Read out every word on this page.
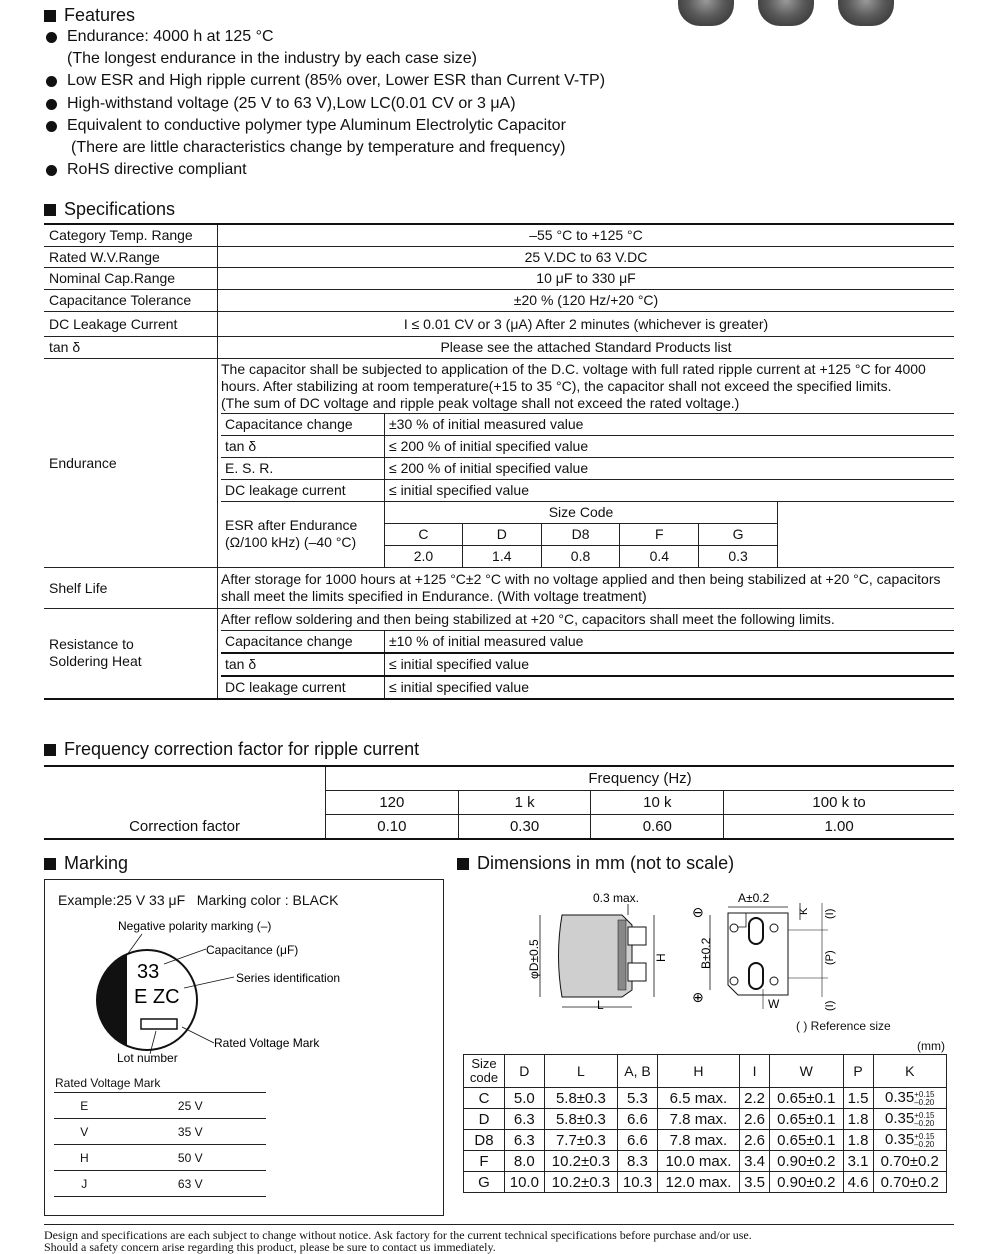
Features
Endurance: 4000 h at 125 °C
(The longest endurance in the industry by each case size)
Low ESR and High ripple current (85% over, Lower ESR than Current V-TP)
High-withstand voltage (25 V to 63 V),Low LC(0.01 CV or 3 μA)
Equivalent to conductive polymer type Aluminum Electrolytic Capacitor
(There are little characteristics change by temperature and frequency)
RoHS directive compliant
Specifications
Category Temp. Range	–55 °C to +125 °C
Rated W.V.Range	25 V.DC to 63 V.DC
Nominal Cap.Range	10 μF to 330 μF
Capacitance Tolerance	±20 % (120 Hz/+20 °C)
DC Leakage Current	I ≤ 0.01 CV or 3 (μA) After 2 minutes (whichever is greater)
tan δ	Please see the attached Standard Products list
Endurance	
The capacitor shall be subjected to application of the D.C. voltage with full rated ripple current at +125 °C for 4000 hours. After stabilizing at room temperature(+15 to 35 °C), the capacitor shall not exceed the specified limits.
(The sum of DC voltage and ripple peak voltage shall not exceed the rated voltage.)
Capacitance change	±30 % of initial measured value
tan δ	≤ 200 % of initial specified value
E. S. R.	≤ 200 % of initial specified value
DC leakage current	≤ initial specified value

ESR after Endurance
(Ω/100 kHz) (–40 °C)

Size Code
C	D	D8	F	G
2.0	1.4	0.8	0.4	0.3

Shelf Life	After storage for 1000 hours at +125 °C±2 °C with no voltage applied and then being stabilized at +20 °C, capacitors shall meet the limits specified in Endurance. (With voltage treatment)

Resistance to
Soldering Heat

After reflow soldering and then being stabilized at +20 °C, capacitors shall meet the following limits.
Capacitance change	±10 % of initial measured value
tan δ	≤ initial specified value
DC leakage current	≤ initial specified value
Frequency correction factor for ripple current
	Frequency (Hz)			
	120	1 k	10 k	100 k to
Correction factor	0.10	0.30	0.60	1.00
Marking
Example:25 V 33 μF   Marking color : BLACK
33
E ZC
Negative polarity marking (–)
Capacitance (μF)
Series identification
Rated Voltage Mark
Lot number
Rated Voltage Mark
E	25 V
V	35 V
H	50 V
J	63 V
Dimensions in mm (not to scale)
0.3 max.
φD±0.5	H
L
A±0.2
⊖
⊕
B±0.2
K (I)
(P)
(I)
W
( ) Reference size
(mm)
Size code	D	L	A, B	H	I	W	P	K
C	5.0	5.8±0.3	5.3	6.5 max.	2.2	0.65±0.1	1.5	0.35+0.15
–0.20
D	6.3	5.8±0.3	6.6	7.8 max.	2.6	0.65±0.1	1.8	0.35+0.15
–0.20
D8	6.3	7.7±0.3	6.6	7.8 max.	2.6	0.65±0.1	1.8	0.35+0.15
–0.20
F	8.0	10.2±0.3	8.3	10.0 max.	3.4	0.90±0.2	3.1	0.70±0.2
G	10.0	10.2±0.3	10.3	12.0 max.	3.5	0.90±0.2	4.6	0.70±0.2
Design and specifications are each subject to change without notice. Ask factory for the current technical specifications before purchase and/or use.
Should a safety concern arise regarding this product, please be sure to contact us immediately.
